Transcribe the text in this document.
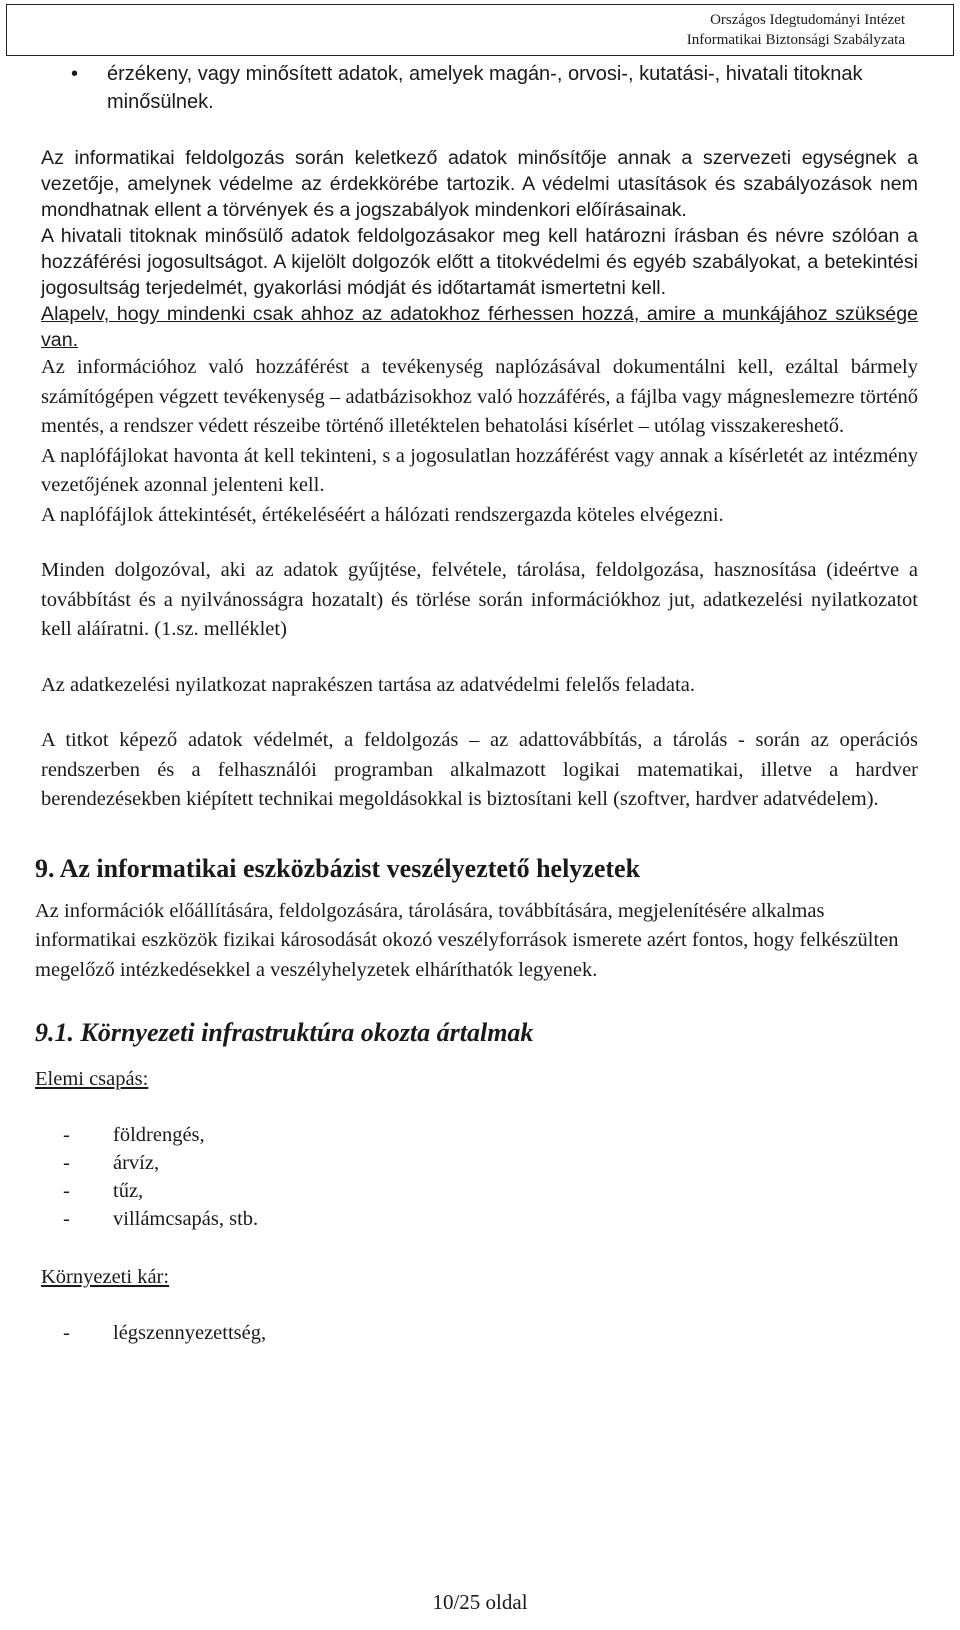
Országos Idegtudományi Intézet
Informatikai Biztonsági Szabályzata
• érzékeny, vagy minősített adatok, amelyek magán-, orvosi-, kutatási-, hivatali titoknak minősülnek.
Az informatikai feldolgozás során keletkező adatok minősítője annak a szervezeti egységnek a vezetője, amelynek védelme az érdekkörébe tartozik. A védelmi utasítások és szabályozások nem mondhatnak ellent a törvények és a jogszabályok mindenkori előírásainak.

A hivatali titoknak minősülő adatok feldolgozásakor meg kell határozni írásban és névre szólóan a hozzáférési jogosultságot. A kijelölt dolgozók előtt a titokvédelmi és egyéb szabályokat, a betekintési jogosultság terjedelmét, gyakorlási módját és időtartamát ismertetni kell.

Alapelv, hogy mindenki csak ahhoz az adatokhoz férhessen hozzá, amire a munkájához szüksége van.

Az információhoz való hozzáférést a tevékenység naplózásával dokumentálni kell, ezáltal bármely számítógépen végzett tevékenység – adatbázisokhoz való hozzáférés, a fájlba vagy mágneslemezre történő mentés, a rendszer védett részeibe történő illetéktelen behatolási kísérlet – utólag visszakereshető.

A naplófájlokat havonta át kell tekinteni, s a jogosulatlan hozzáférést vagy annak a kísérletét az intézmény vezetőjének azonnal jelenteni kell.

A naplófájlok áttekintését, értékeléséért a hálózati rendszergazda köteles elvégezni.

Minden dolgozóval, aki az adatok gyűjtése, felvétele, tárolása, feldolgozása, hasznosítása (ideértve a továbbítást és a nyilvánosságra hozatalt) és törlése során információkhoz jut, adatkezelési nyilatkozatot kell aláíratni. (1.sz. melléklet)

Az adatkezelési nyilatkozat naprakészen tartása az adatvédelmi felelős feladata.

A titkot képező adatok védelmét, a feldolgozás – az adattovábbítás, a tárolás - során az operációs rendszerben és a felhasználói programban alkalmazott logikai matematikai, illetve a hardver berendezésekben kiépített technikai megoldásokkal is biztosítani kell (szoftver, hardver adatvédelem).

9. Az informatikai eszközbázist veszélyeztető helyzetek

Az információk előállítására, feldolgozására, tárolására, továbbítására, megjelenítésére alkalmas informatikai eszközök fizikai károsodását okozó veszélyforrások ismerete azért fontos, hogy felkészülten megelőző intézkedésekkel a veszélyhelyzetek elháríthatók legyenek.

9.1. Környezeti infrastruktúra okozta ártalmak
Elemi csapás:
- földrengés,
- árvíz,
- tűz,
- villámcsapás, stb.
Környezeti kár:
- légszennyezettség,
10/25 oldal
